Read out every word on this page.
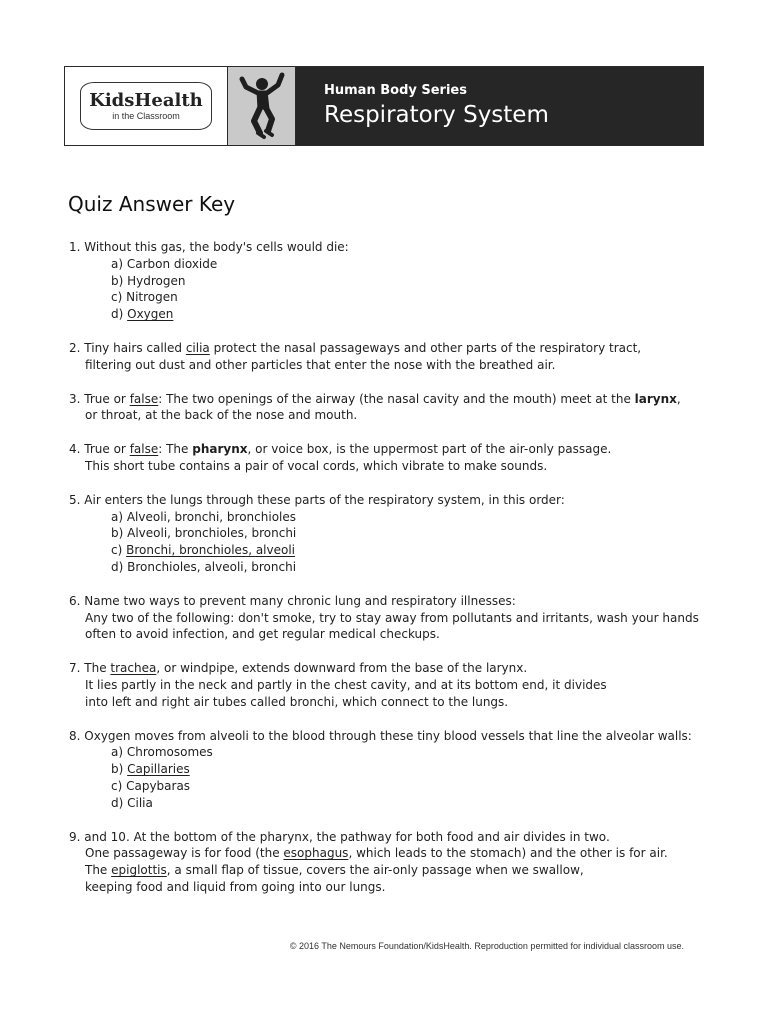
KidsHealth
in the Classroom
Human Body Series
Respiratory System
Quiz Answer Key
1. Without this gas, the body's cells would die:
a) Carbon dioxide
b) Hydrogen
c) Nitrogen
d) Oxygen
2. Tiny hairs called cilia protect the nasal passageways and other parts of the respiratory tract,
filtering out dust and other particles that enter the nose with the breathed air.
3. True or false: The two openings of the airway (the nasal cavity and the mouth) meet at the larynx,
or throat, at the back of the nose and mouth.
4. True or false: The pharynx, or voice box, is the uppermost part of the air-only passage.
This short tube contains a pair of vocal cords, which vibrate to make sounds.
5. Air enters the lungs through these parts of the respiratory system, in this order:
a) Alveoli, bronchi, bronchioles
b) Alveoli, bronchioles, bronchi
c) Bronchi, bronchioles, alveoli
d) Bronchioles, alveoli, bronchi
6. Name two ways to prevent many chronic lung and respiratory illnesses:
Any two of the following: don't smoke, try to stay away from pollutants and irritants, wash your hands
often to avoid infection, and get regular medical checkups.
7. The trachea, or windpipe, extends downward from the base of the larynx.
It lies partly in the neck and partly in the chest cavity, and at its bottom end, it divides
into left and right air tubes called bronchi, which connect to the lungs.
8. Oxygen moves from alveoli to the blood through these tiny blood vessels that line the alveolar walls:
a) Chromosomes
b) Capillaries
c) Capybaras
d) Cilia
9. and 10. At the bottom of the pharynx, the pathway for both food and air divides in two.
One passageway is for food (the esophagus, which leads to the stomach) and the other is for air.
The epiglottis, a small flap of tissue, covers the air-only passage when we swallow,
keeping food and liquid from going into our lungs.
© 2016 The Nemours Foundation/KidsHealth. Reproduction permitted for individual classroom use.
